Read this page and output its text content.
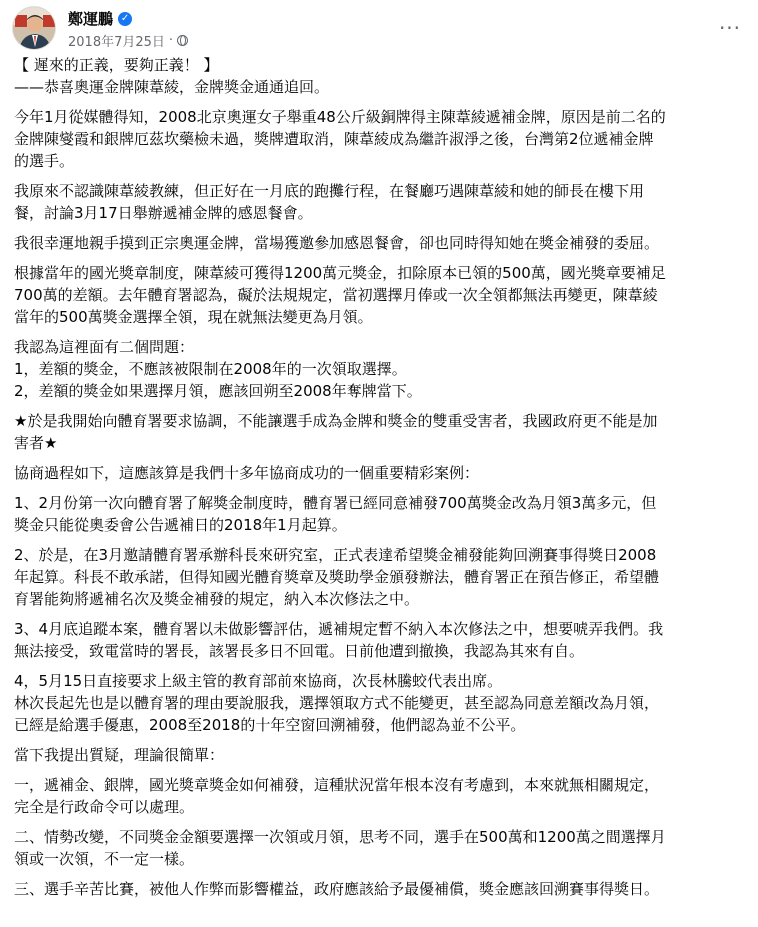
鄭運鵬 ✓
2018年7月25日 ·
···

【 遲來的正義，要夠正義！ 】

——恭喜奧運金牌陳葦綾，金牌獎金通通追回。

今年1月從媒體得知，2008北京奧運女子舉重48公斤級銅牌得主陳葦綾遞補金牌，原因是前二名的

金牌陳燮霞和銀牌厄茲坎藥檢未過，獎牌遭取消，陳葦綾成為繼許淑淨之後，台灣第2位遞補金牌

的選手。

我原來不認識陳葦綾教練，但正好在一月底的跑攤行程，在餐廳巧遇陳葦綾和她的師長在樓下用

餐，討論3月17日舉辦遞補金牌的感恩餐會。

我很幸運地親手摸到正宗奧運金牌，當場獲邀參加感恩餐會，卻也同時得知她在獎金補發的委屈。

根據當年的國光獎章制度，陳葦綾可獲得1200萬元獎金，扣除原本已領的500萬，國光獎章要補足

700萬的差額。去年體育署認為，礙於法規規定，當初選擇月俸或一次全領都無法再變更，陳葦綾

當年的500萬獎金選擇全領，現在就無法變更為月領。

我認為這裡面有二個問題：

1，差額的獎金，不應該被限制在2008年的一次領取選擇。

2，差額的獎金如果選擇月領，應該回朔至2008年奪牌當下。

★於是我開始向體育署要求協調，不能讓選手成為金牌和獎金的雙重受害者，我國政府更不能是加

害者★

協商過程如下，這應該算是我們十多年協商成功的一個重要精彩案例：

1、2月份第一次向體育署了解獎金制度時，體育署已經同意補發700萬獎金改為月領3萬多元，但

獎金只能從奧委會公告遞補日的2018年1月起算。

2、於是，在3月邀請體育署承辦科長來研究室，正式表達希望獎金補發能夠回溯賽事得獎日2008

年起算。科長不敢承諾，但得知國光體育獎章及獎助學金頒發辦法，體育署正在預告修正，希望體

育署能夠將遞補名次及獎金補發的規定，納入本次修法之中。

3、4月底追蹤本案，體育署以未做影響評估，遞補規定暫不納入本次修法之中，想要唬弄我們。我

無法接受，致電當時的署長，該署長多日不回電。日前他遭到撤換，我認為其來有自。

4，5月15日直接要求上級主管的教育部前來協商，次長林騰蛟代表出席。

林次長起先也是以體育署的理由要說服我，選擇領取方式不能變更，甚至認為同意差額改為月領，

已經是給選手優惠，2008至2018的十年空窗回溯補發，他們認為並不公平。

當下我提出質疑，理論很簡單：

一，遞補金、銀牌，國光獎章獎金如何補發，這種狀況當年根本沒有考慮到，本來就無相關規定，

完全是行政命令可以處理。

二、情勢改變，不同獎金金額要選擇一次領或月領，思考不同，選手在500萬和1200萬之間選擇月

領或一次領，不一定一樣。

三、選手辛苦比賽，被他人作弊而影響權益，政府應該給予最優補償，獎金應該回溯賽事得獎日。
